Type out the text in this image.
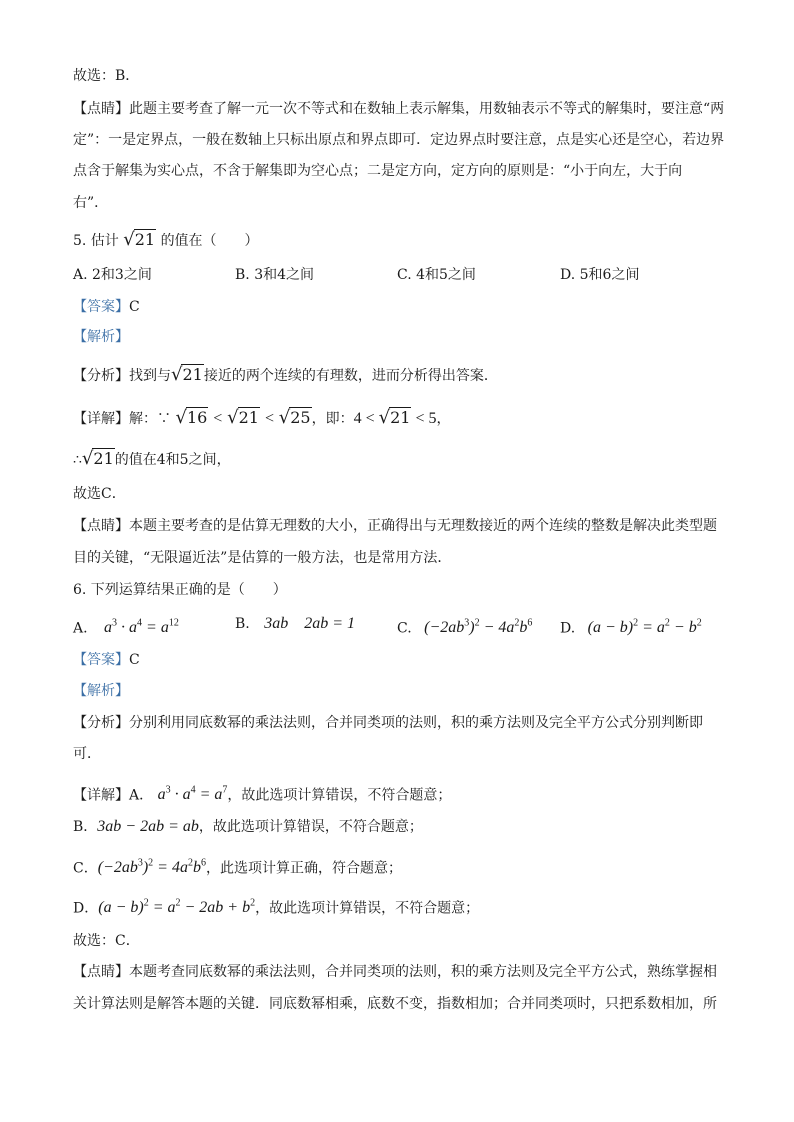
故选：B．
【点睛】此题主要考查了解一元一次不等式和在数轴上表示解集，用数轴表示不等式的解集时，要注意“两
定”：一是定界点，一般在数轴上只标出原点和界点即可．定边界点时要注意，点是实心还是空心，若边界
点含于解集为实心点，不含于解集即为空心点；二是定方向，定方向的原则是：“小于向左，大于向
右”．
5. 估计 √21 的值在（　　）
A. 2和3之间	B. 3和4之间	C. 4和5之间	D. 5和6之间
【答案】C
【解析】
【分析】找到与√21接近的两个连续的有理数，进而分析得出答案．
【详解】解：∵ √16 < √21 < √25，即：4 < √21 < 5，
∴√21的值在4和5之间，
故选C．
【点睛】本题主要考查的是估算无理数的大小，正确得出与无理数接近的两个连续的整数是解决此类型题
目的关键，“无限逼近法”是估算的一般方法，也是常用方法．
6. 下列运算结果正确的是（　　）
A. $a^3 \cdot a^4 = a^{12}$	B. 3ab　2ab = 1	C. $(-2ab^3)^2 - 4a^2b^6$ D. $(a - b)^2 = a^2 - b^2$
【答案】C
【解析】
【分析】分别利用同底数幂的乘法法则，合并同类项的法则，积的乘方法则及完全平方公式分别判断即
可．
【详解】A． $a^3 \cdot a^4 = a^7$，故此选项计算错误，不符合题意；
B．3ab − 2ab = ab，故此选项计算错误，不符合题意；
C．$(-2ab^3)^2 = 4a^2b^6$，此选项计算正确，符合题意；
D．$(a - b)^2 = a^2 - 2ab + b^2$，故此选项计算错误，不符合题意；
故选：C．
【点睛】本题考查同底数幂的乘法法则，合并同类项的法则，积的乘方法则及完全平方公式，熟练掌握相
关计算法则是解答本题的关键．同底数幂相乘，底数不变，指数相加；合并同类项时，只把系数相加，所
